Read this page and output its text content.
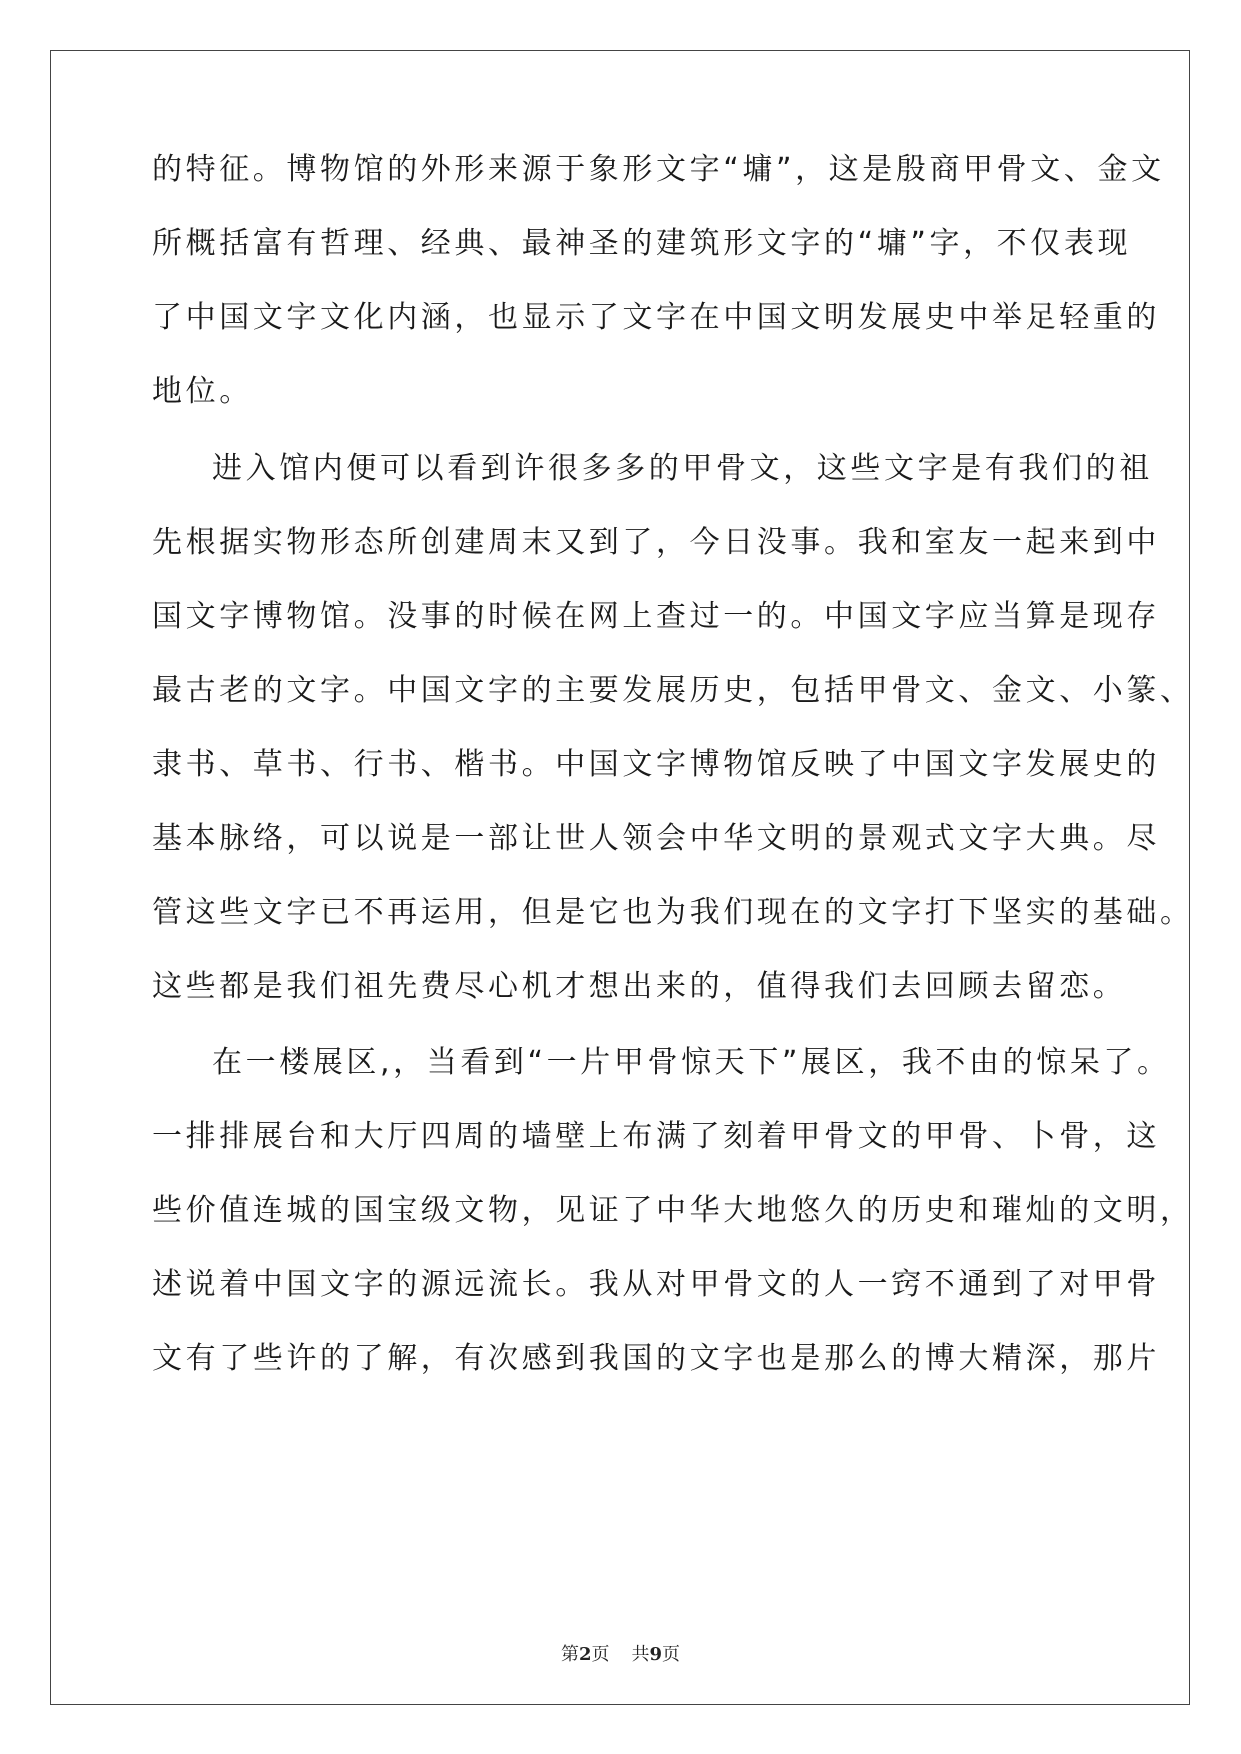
的特征。博物馆的外形来源于象形文字“墉”，这是殷商甲骨文、金文
所概括富有哲理、经典、最神圣的建筑形文字的“墉”字，不仅表现
了中国文字文化内涵，也显示了文字在中国文明发展史中举足轻重的
地位。
进入馆内便可以看到许很多多的甲骨文，这些文字是有我们的祖
先根据实物形态所创建周末又到了，今日没事。我和室友一起来到中
国文字博物馆。没事的时候在网上查过一的。中国文字应当算是现存
最古老的文字。中国文字的主要发展历史，包括甲骨文、金文、小篆、
隶书、草书、行书、楷书。中国文字博物馆反映了中国文字发展史的
基本脉络，可以说是一部让世人领会中华文明的景观式文字大典。尽
管这些文字已不再运用，但是它也为我们现在的文字打下坚实的基础。
这些都是我们祖先费尽心机才想出来的，值得我们去回顾去留恋。
在一楼展区,，当看到“一片甲骨惊天下”展区，我不由的惊呆了。
一排排展台和大厅四周的墙壁上布满了刻着甲骨文的甲骨、卜骨，这
些价值连城的国宝级文物，见证了中华大地悠久的历史和璀灿的文明，
述说着中国文字的源远流长。我从对甲骨文的人一窍不通到了对甲骨
文有了些许的了解，有次感到我国的文字也是那么的博大精深，那片
第2页 共9页
